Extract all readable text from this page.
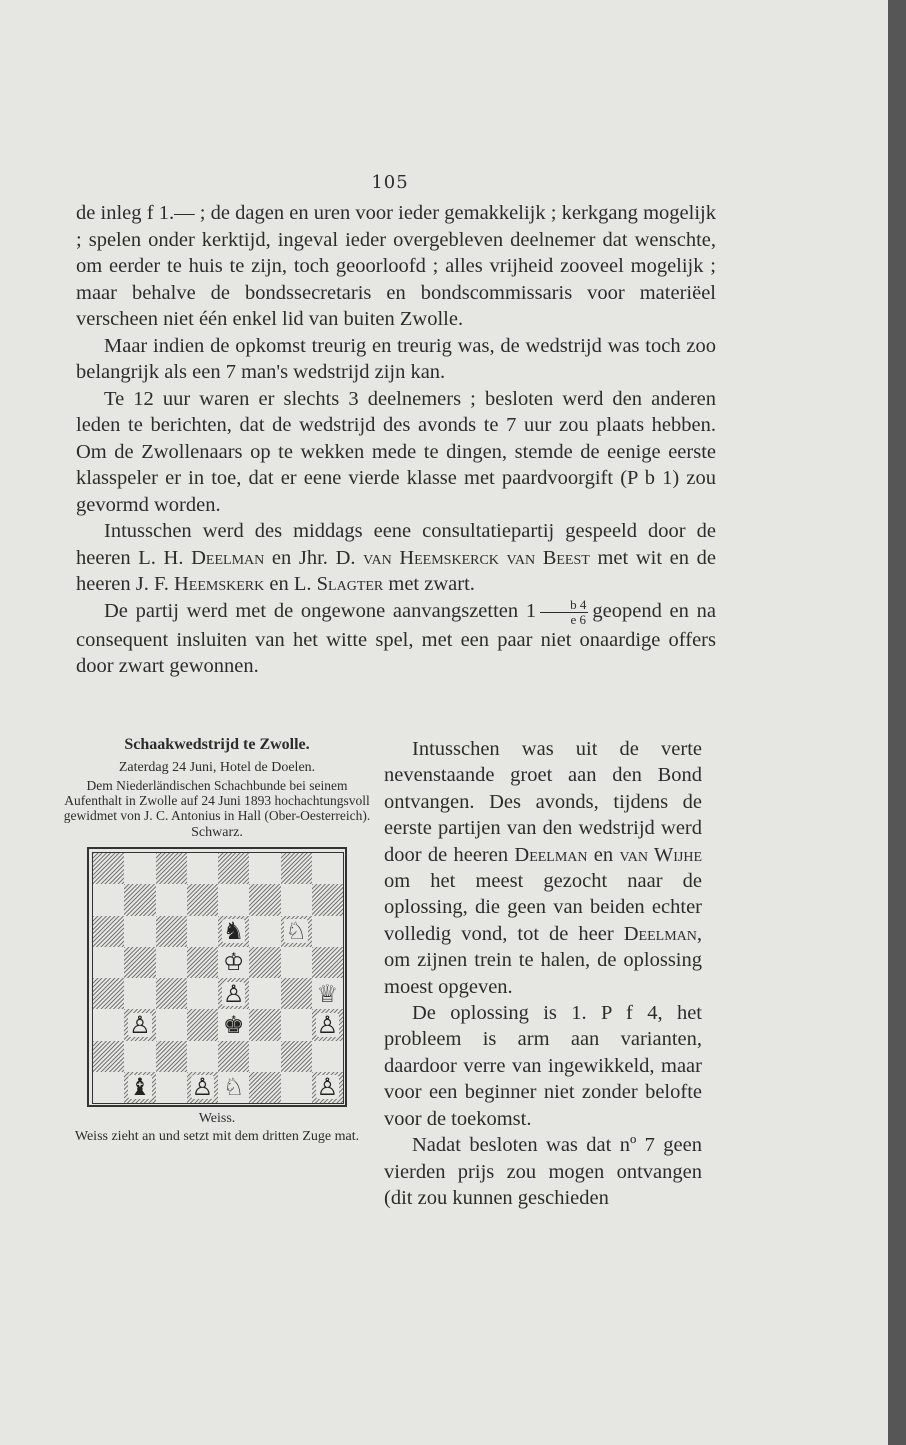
105

de inleg f 1.— ; de dagen en uren voor ieder gemakkelijk ; kerkgang mogelijk ; spelen onder kerktijd, ingeval ieder overgebleven deelnemer dat wenschte, om eerder te huis te zijn, toch geoorloofd ; alles vrijheid zooveel mogelijk ; maar behalve de bondssecretaris en bondscommissaris voor materiëel verscheen niet één enkel lid van buiten Zwolle.

Maar indien de opkomst treurig en treurig was, de wedstrijd was toch zoo belangrijk als een 7 man's wedstrijd zijn kan.

Te 12 uur waren er slechts 3 deelnemers ; besloten werd den anderen leden te berichten, dat de wedstrijd des avonds te 7 uur zou plaats hebben. Om de Zwollenaars op te wekken mede te dingen, stemde de eenige eerste klasspeler er in toe, dat er eene vierde klasse met paardvoorgift (P b 1) zou gevormd worden.

Intusschen werd des middags eene consultatiepartij gespeeld door de heeren L. H. Deelman en Jhr. D. van Heemskerck van Beest met wit en de heeren J. F. Heemskerk en L. Slagter met zwart.

De partij werd met de ongewone aanvangszetten $1 \frac{b 4}{e 6}$ geopend en na consequent insluiten van het witte spel, met een paar niet onaardige offers door zwart gewonnen.

Schaakwedstrijd te Zwolle.
Zaterdag 24 Juni, Hotel de Doelen.
Dem Niederländischen Schachbunde bei seinem Aufenthalt in Zwolle auf 24 Juni 1893 hochachtungsvoll gewidmet von J. C. Antonius in Hall (Ober-Oesterreich).
Schwarz.
♞ ♘
♔
♙	♕
♙	♚	♙
♝ ♙ ♘	♙
Weiss.
Weiss zieht an und setzt mit dem dritten Zuge mat.

Intusschen was uit de verte nevenstaande groet aan den Bond ontvangen. Des avonds, tijdens de eerste partijen van den wedstrijd werd door de heeren Deelman en van Wijhe om het meest gezocht naar de oplossing, die geen van beiden echter volledig vond, tot de heer Deelman, om zijnen trein te halen, de oplossing moest opgeven.

De oplossing is 1. P f 4, het probleem is arm aan varianten, daardoor verre van ingewikkeld, maar voor een beginner niet zonder belofte voor de toekomst.

Nadat besloten was dat nº 7 geen vierden prijs zou mogen ontvangen (dit zou kunnen geschieden
